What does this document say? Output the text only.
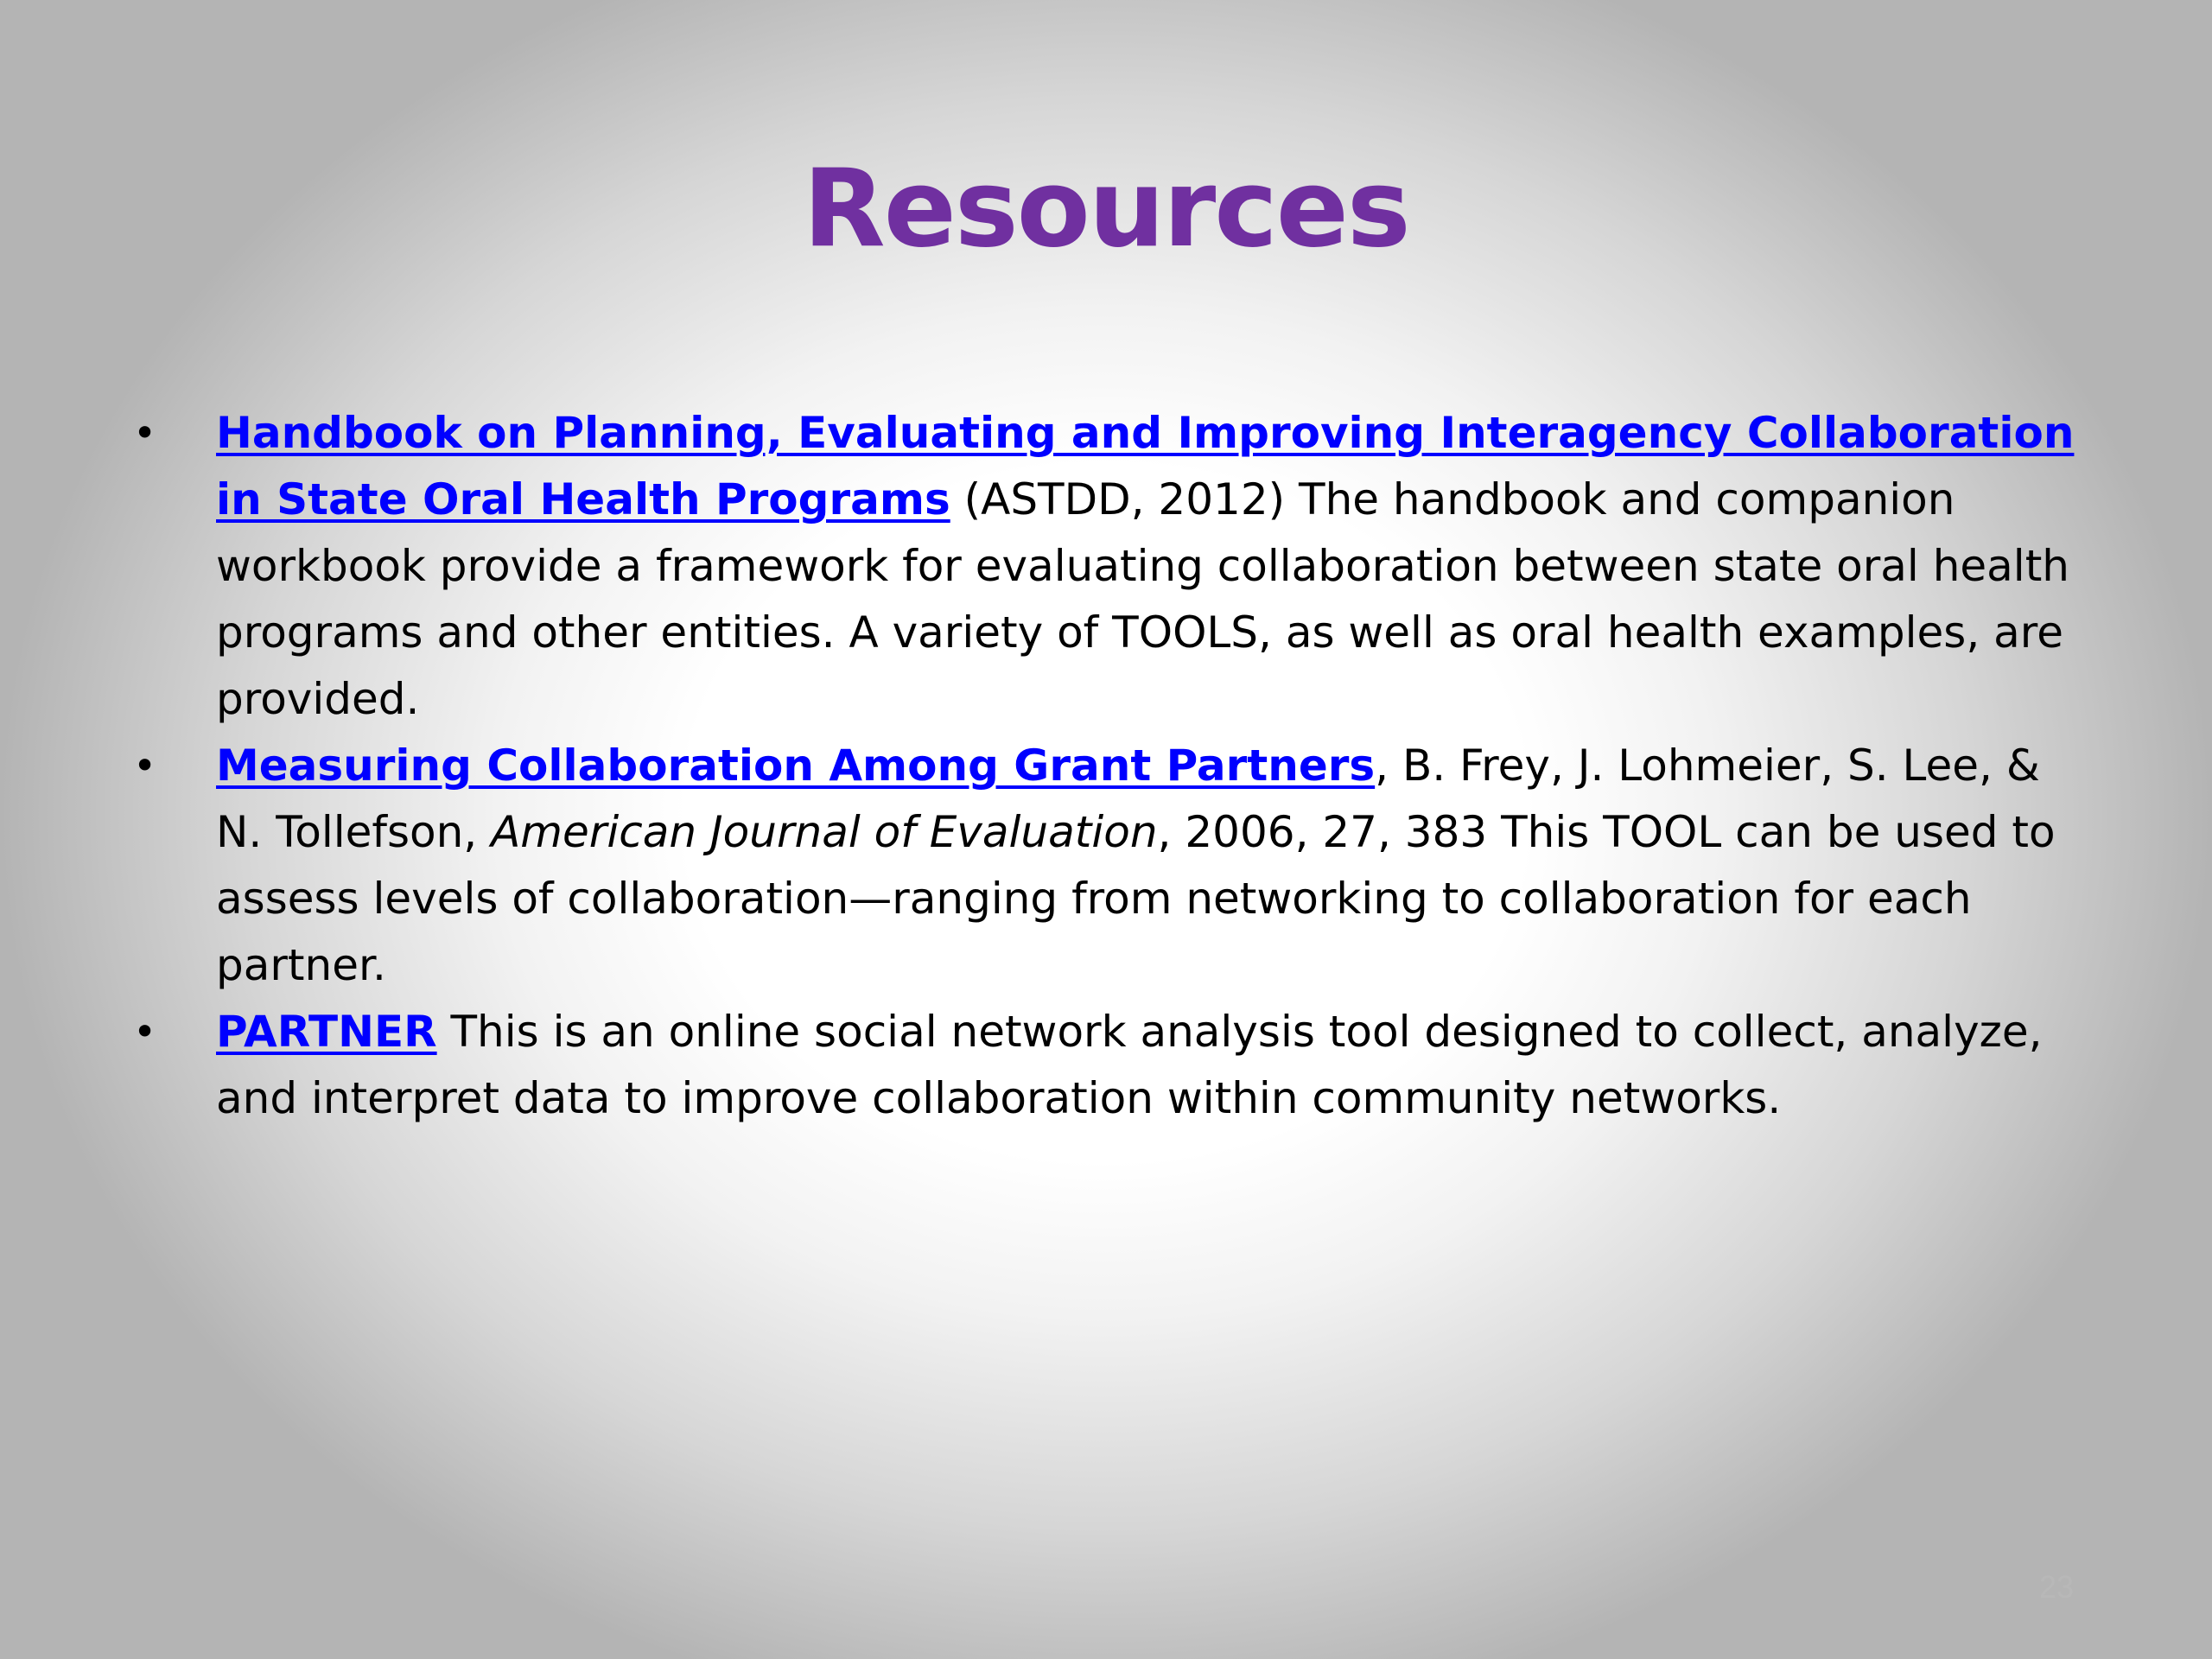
Resources
• Handbook on Planning, Evaluating and Improving Interagency Collaboration in State Oral Health Programs (ASTDD, 2012) The handbook and companion workbook provide a framework for evaluating collaboration between state oral health programs and other entities. A variety of TOOLS, as well as oral health examples, are provided.
• Measuring Collaboration Among Grant Partners, B. Frey, J. Lohmeier, S. Lee, & N. Tollefson, American Journal of Evaluation, 2006, 27, 383 This TOOL can be used to assess levels of collaboration—ranging from networking to collaboration for each partner.
• PARTNER This is an online social network analysis tool designed to collect, analyze, and interpret data to improve collaboration within community networks.
23
